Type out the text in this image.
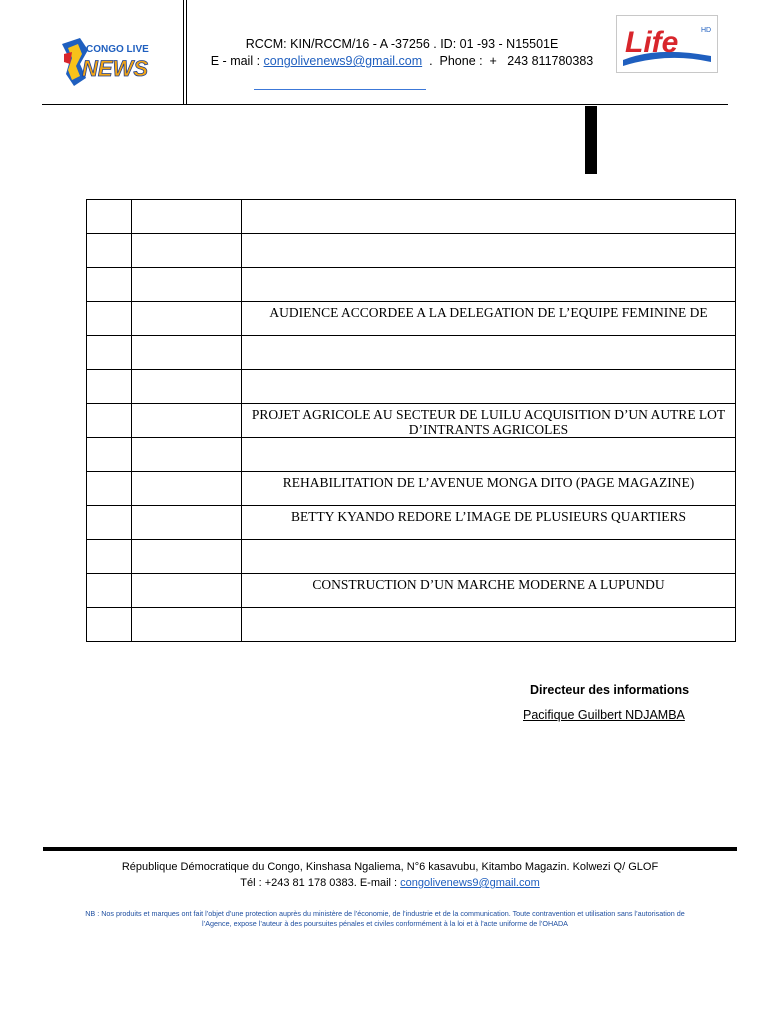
CONGO LIVE
NEWS
RCCM: KIN/RCCM/16 - A -37256 . ID: 01 -93 - N15501E
E - mail : congolivenews9@gmail.com  .  Phone :  +   243 811780383
Life	HD

		AUDIENCE ACCORDEE A LA DELEGATION DE L’EQUIPE FEMININE DE

		PROJET AGRICOLE AU SECTEUR DE LUILU ACQUISITION D’UN AUTRE LOT D’INTRANTS AGRICOLES

		REHABILITATION DE L’AVENUE MONGA DITO (PAGE MAGAZINE)

		BETTY KYANDO REDORE L’IMAGE DE PLUSIEURS QUARTIERS

		CONSTRUCTION D’UN MARCHE MODERNE A LUPUNDU

Directeur des informations
Pacifique Guilbert NDJAMBA
République Démocratique du Congo, Kinshasa Ngaliema, N°6 kasavubu, Kitambo Magazin. Kolwezi Q/ GLOF
Tél : +243 81 178 0383. E-mail : congolivenews9@gmail.com
NB : Nos produits et marques ont fait l’objet d’une protection auprès du ministère de l’économie, de l’industrie et de la communication. Toute contravention et utilisation sans l’autorisation de l’Agence, expose l’auteur à des poursuites pénales et civiles conformément à la loi et à l’acte uniforme de l’OHADA
